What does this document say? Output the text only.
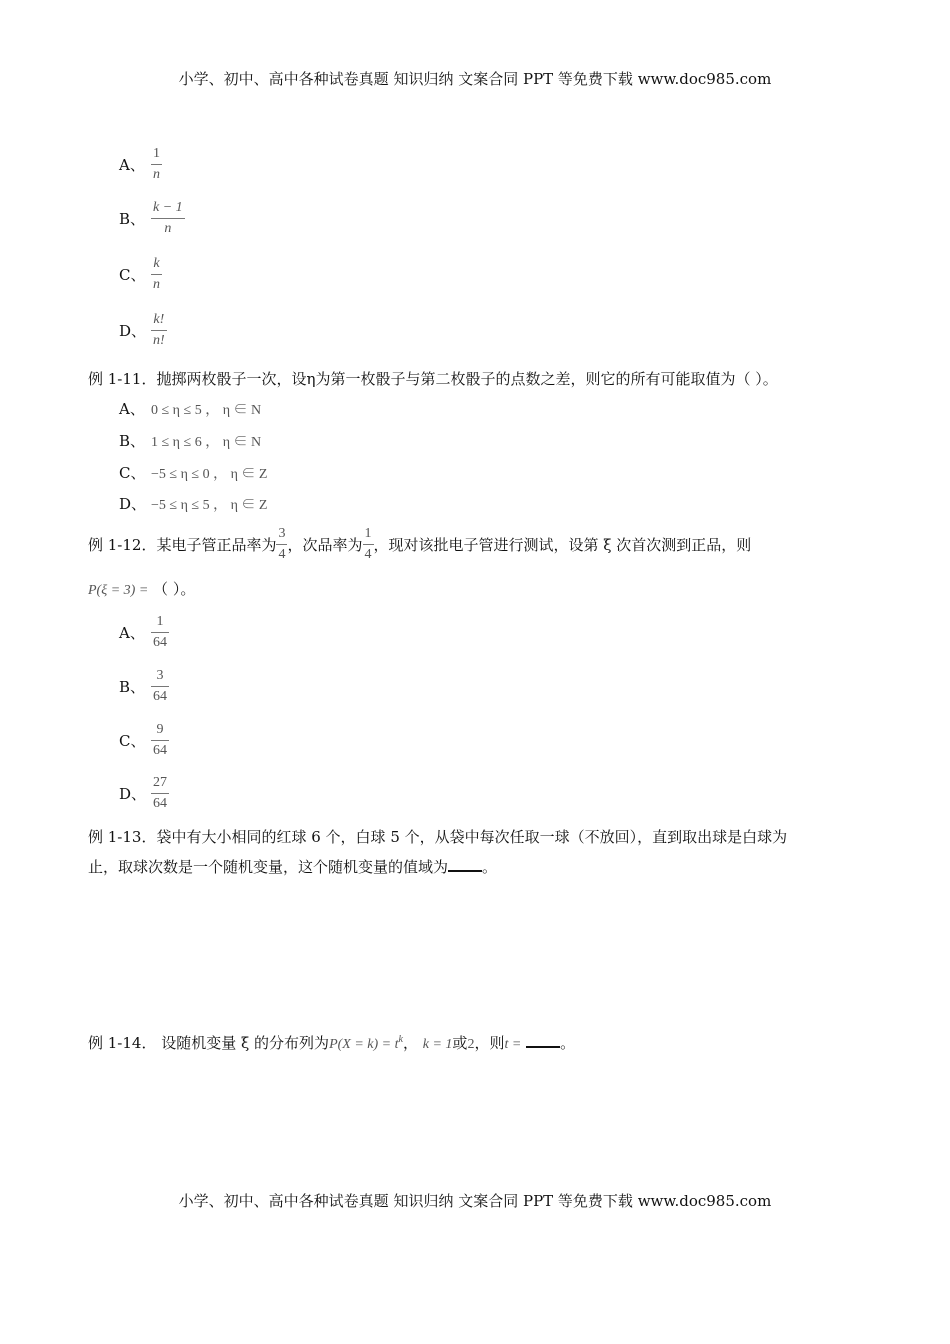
小学、初中、高中各种试卷真题 知识归纳 文案合同 PPT 等免费下载 www.doc985.com
A、 $\frac{1}{n}$
B、 $\frac{k - 1}{n}$
C、 $\frac{k}{n}$
D、 $\frac{k!}{n!}$
例 1-11．抛掷两枚骰子一次，设η为第一枚骰子与第二枚骰子的点数之差，则它的所有可能取值为（ ）。
A、 0 ≤ η ≤ 5 ， η ∈ N
B、 1 ≤ η ≤ 6 ， η ∈ N
C、 −5 ≤ η ≤ 0 ， η ∈ Z
D、 −5 ≤ η ≤ 5 ， η ∈ Z
例 1-12． 某电子管正品率为 $\frac{3}{4}$ ，次品率为 $\frac{1}{4}$ ，现对该批电子管进行测试，设第 ξ 次首次测到正品，则
P(ξ = 3) = （ ）。
A、 $\frac{1}{64}$
B、 $\frac{3}{64}$
C、 $\frac{9}{64}$
D、 $\frac{27}{64}$
例 1-13．袋中有大小相同的红球 6 个，白球 5 个，从袋中每次任取一球（不放回），直到取出球是白球为
止，取球次数是一个随机变量，这个随机变量的值域为 。
例 1-14． 设随机变量 ξ 的分布列为$P(X = k) = t^k$， k = 1或2，则t =	。
小学、初中、高中各种试卷真题 知识归纳 文案合同 PPT 等免费下载 www.doc985.com
